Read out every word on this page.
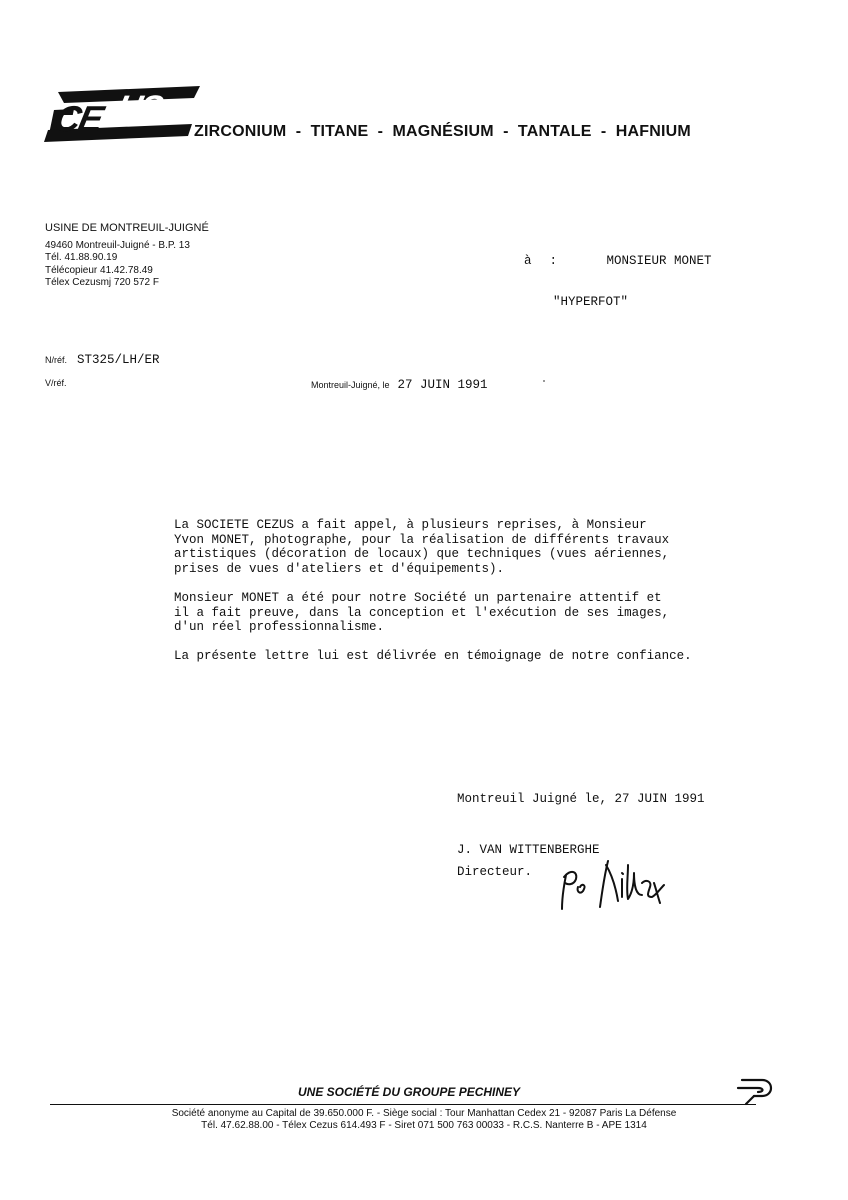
CE US
ZIRCONIUM  -  TITANE  -  MAGNÉSIUM  -  TANTALE  -  HAFNIUM
USINE DE MONTREUIL-JUIGNÉ
49460 Montreuil-Juigné - B.P. 13
Tél. 41.88.90.19
Télécopieur 41.42.78.49
Télex Cezusmj 720 572 F

à :	MONSIEUR MONET

"HYPERFOT"
N/réf. ST325/LH/ER
V/réf.	Montreuil-Juigné, le 27 JUIN 1991
La SOCIETE CEZUS a fait appel, à plusieurs reprises, à Monsieur
Yvon MONET, photographe, pour la réalisation de différents travaux
artistiques (décoration de locaux) que techniques (vues aériennes,
prises de vues d'ateliers et d'équipements).
Monsieur MONET a été pour notre Société un partenaire attentif et
il a fait preuve, dans la conception et l'exécution de ses images,
d'un réel professionnalisme.
La présente lettre lui est délivrée en témoignage de notre confiance.
Montreuil Juigné le, 27 JUIN 1991
J. VAN WITTENBERGHE
Directeur.
UNE SOCIÉTÉ DU GROUPE PECHINEY
Société anonyme au Capital de 39.650.000 F. - Siège social : Tour Manhattan Cedex 21 - 92087 Paris La Défense
Tél. 47.62.88.00 - Télex Cezus 614.493 F - Siret 071 500 763 00033 - R.C.S. Nanterre B - APE 1314
